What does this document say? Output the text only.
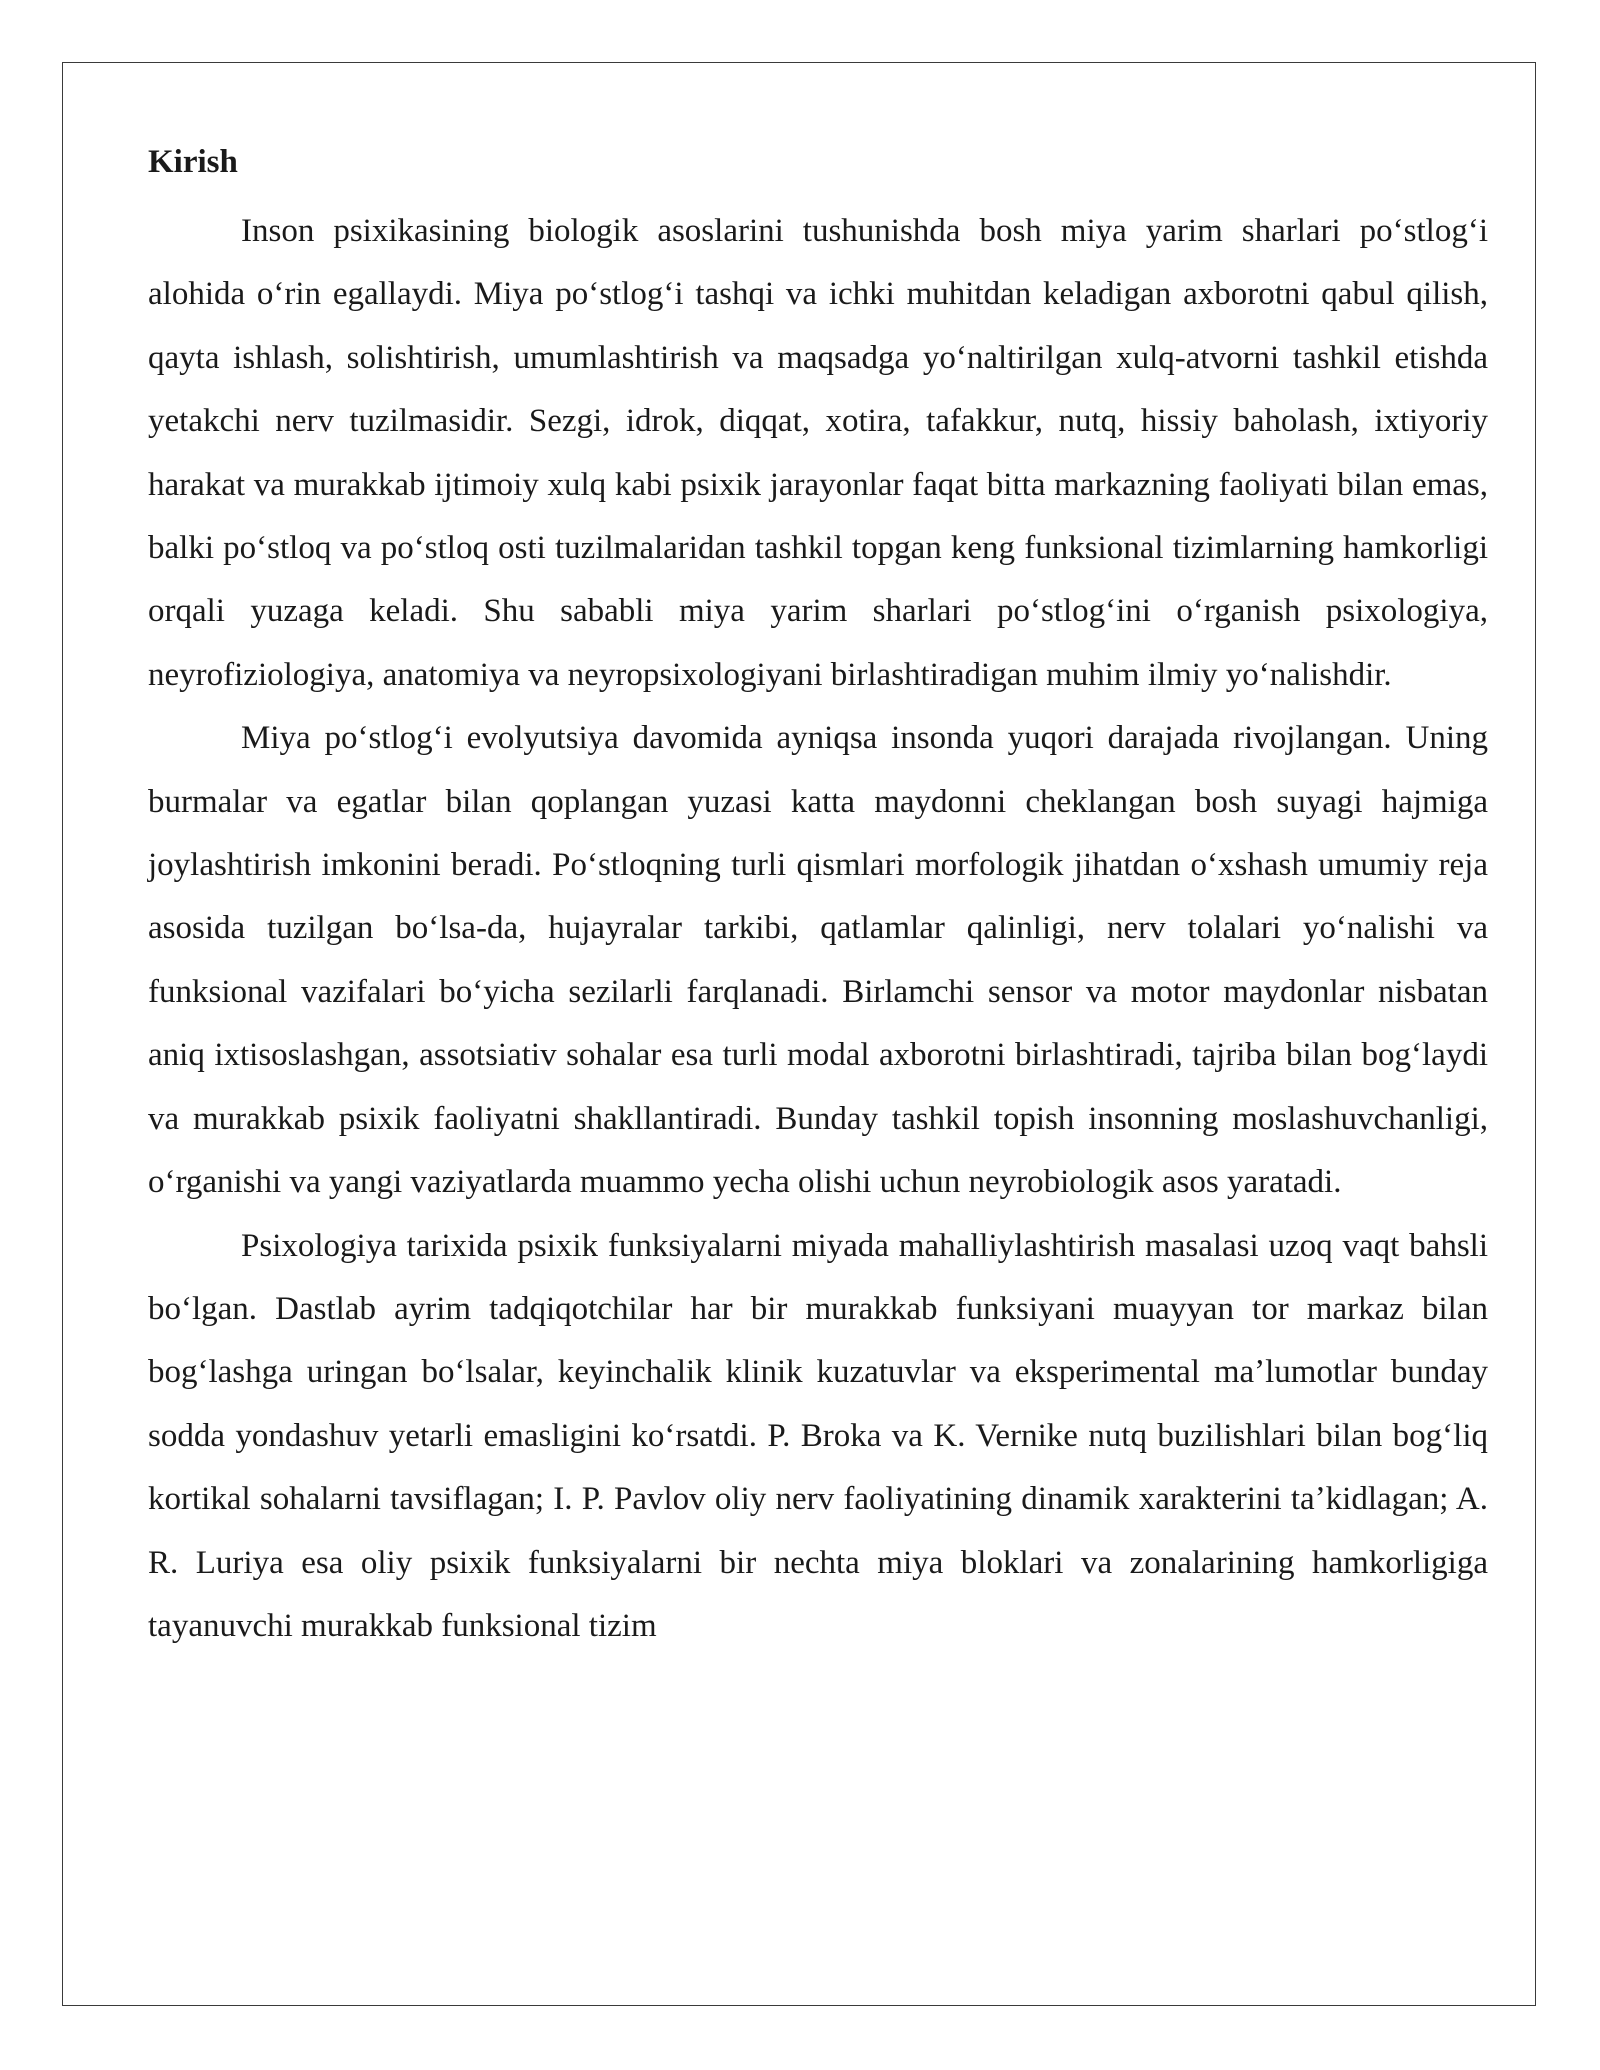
Kirish

Inson psixikasining biologik asoslarini tushunishda bosh miya yarim sharlari poʻstlogʻi alohida oʻrin egallaydi. Miya poʻstlogʻi tashqi va ichki muhitdan keladigan axborotni qabul qilish, qayta ishlash, solishtirish, umumlashtirish va maqsadga yoʻnaltirilgan xulq-atvorni tashkil etishda yetakchi nerv tuzilmasidir. Sezgi, idrok, diqqat, xotira, tafakkur, nutq, hissiy baholash, ixtiyoriy harakat va murakkab ijtimoiy xulq kabi psixik jarayonlar faqat bitta markazning faoliyati bilan emas, balki poʻstloq va poʻstloq osti tuzilmalaridan tashkil topgan keng funksional tizimlarning hamkorligi orqali yuzaga keladi. Shu sababli miya yarim sharlari poʻstlogʻini oʻrganish psixologiya, neyrofiziologiya, anatomiya va neyropsixologiyani birlashtiradigan muhim ilmiy yoʻnalishdir.

Miya poʻstlogʻi evolyutsiya davomida ayniqsa insonda yuqori darajada rivojlangan. Uning burmalar va egatlar bilan qoplangan yuzasi katta maydonni cheklangan bosh suyagi hajmiga joylashtirish imkonini beradi. Poʻstloqning turli qismlari morfologik jihatdan oʻxshash umumiy reja asosida tuzilgan boʻlsa-da, hujayralar tarkibi, qatlamlar qalinligi, nerv tolalari yoʻnalishi va funksional vazifalari boʻyicha sezilarli farqlanadi. Birlamchi sensor va motor maydonlar nisbatan aniq ixtisoslashgan, assotsiativ sohalar esa turli modal axborotni birlashtiradi, tajriba bilan bogʻlaydi va murakkab psixik faoliyatni shakllantiradi. Bunday tashkil topish insonning moslashuvchanligi, oʻrganishi va yangi vaziyatlarda muammo yecha olishi uchun neyrobiologik asos yaratadi.

Psixologiya tarixida psixik funksiyalarni miyada mahalliylashtirish masalasi uzoq vaqt bahsli boʻlgan. Dastlab ayrim tadqiqotchilar har bir murakkab funksiyani muayyan tor markaz bilan bogʻlashga uringan boʻlsalar, keyinchalik klinik kuzatuvlar va eksperimental maʼlumotlar bunday sodda yondashuv yetarli emasligini koʻrsatdi. P. Broka va K. Vernike nutq buzilishlari bilan bogʻliq kortikal sohalarni tavsiflagan; I. P. Pavlov oliy nerv faoliyatining dinamik xarakterini taʼkidlagan; A. R. Luriya esa oliy psixik funksiyalarni bir nechta miya bloklari va zonalarining hamkorligiga tayanuvchi murakkab funksional tizim
